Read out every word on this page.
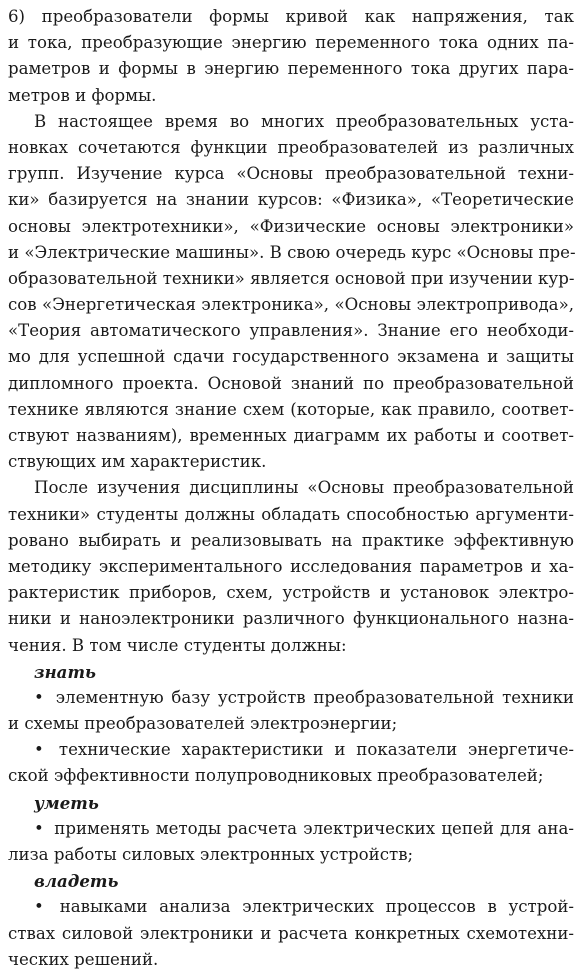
6) преобразователи формы кривой как напряжения, так
и тока, преобразующие энергию переменного тока одних па-
раметров и формы в энергию переменного тока других пара-
метров и формы.
В настоящее время во многих преобразовательных уста-
новках сочетаются функции преобразователей из различных
групп. Изучение курса «Основы преобразовательной техни-
ки» базируется на знании курсов: «Физика», «Теоретические
основы электротехники», «Физические основы электроники»
и «Электрические машины». В свою очередь курс «Основы пре-
образовательной техники» является основой при изучении кур-
сов «Энергетическая электроника», «Основы электропривода»,
«Теория автоматического управления». Знание его необходи-
мо для успешной сдачи государственного экзамена и защиты
дипломного проекта. Основой знаний по преобразовательной
технике являются знание схем (которые, как правило, соответ-
ствуют названиям), временных диаграмм их работы и соответ-
ствующих им характеристик.
После изучения дисциплины «Основы преобразовательной
техники» студенты должны обладать способностью аргументи-
ровано выбирать и реализовывать на практике эффективную
методику экспериментального исследования параметров и ха-
рактеристик приборов, схем, устройств и установок электро-
ники и наноэлектроники различного функционального назна-
чения. В том числе студенты должны:
знать
• элементную базу устройств преобразовательной техники
и схемы преобразователей электроэнергии;
• технические характеристики и показатели энергетиче-
ской эффективности полупроводниковых преобразователей;
уметь
• применять методы расчета электрических цепей для ана-
лиза работы силовых электронных устройств;
владеть
• навыками анализа электрических процессов в устрой-
ствах силовой электроники и расчета конкретных схемотехни-
ческих решений.
